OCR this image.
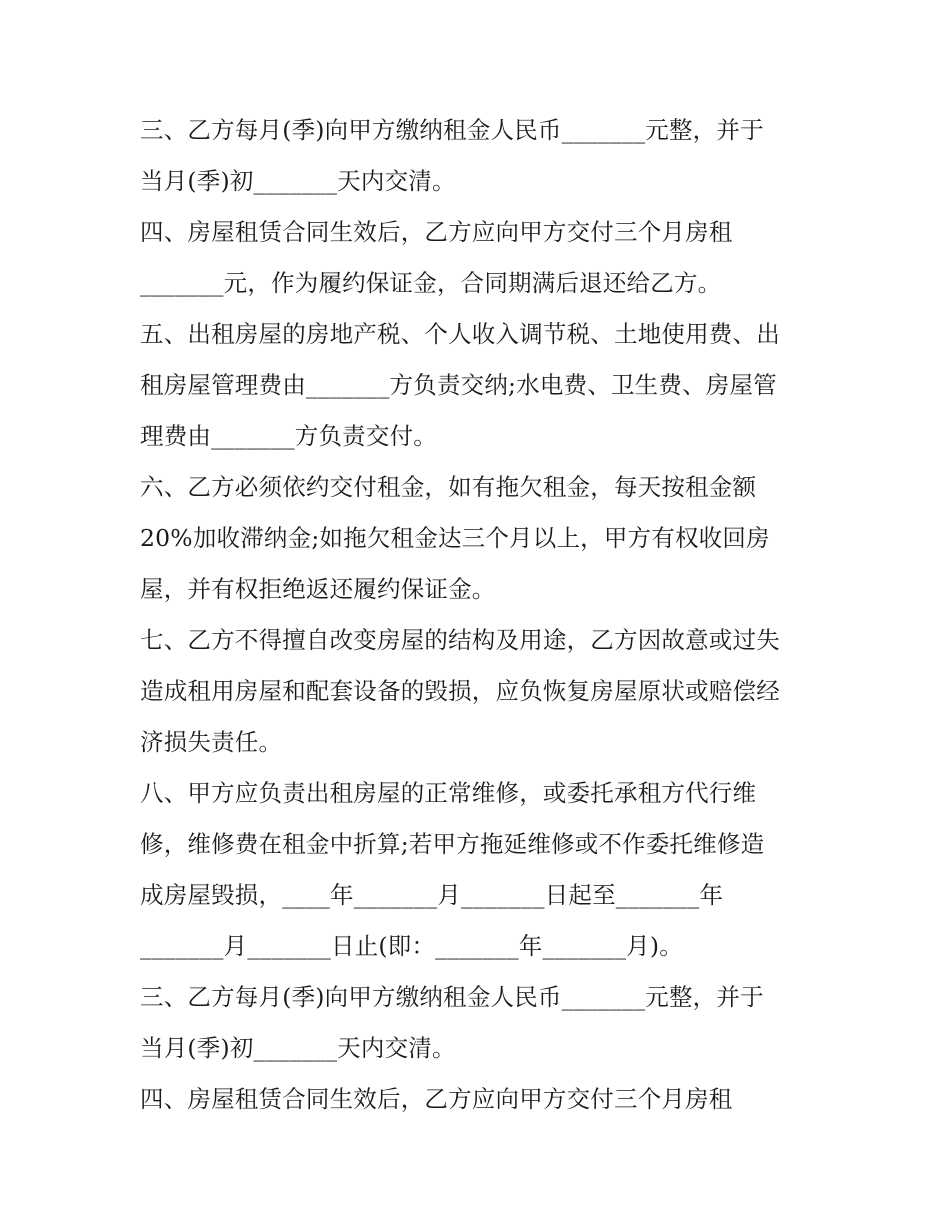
三、乙方每月(季)向甲方缴纳租金人民币_______元整，并于
当月(季)初_______天内交清。
四、房屋租赁合同生效后，乙方应向甲方交付三个月房租
_______元，作为履约保证金，合同期满后退还给乙方。
五、出租房屋的房地产税、个人收入调节税、土地使用费、出
租房屋管理费由_______方负责交纳;水电费、卫生费、房屋管
理费由_______方负责交付。
六、乙方必须依约交付租金，如有拖欠租金，每天按租金额
20%加收滞纳金;如拖欠租金达三个月以上，甲方有权收回房
屋，并有权拒绝返还履约保证金。
七、乙方不得擅自改变房屋的结构及用途，乙方因故意或过失
造成租用房屋和配套设备的毁损，应负恢复房屋原状或赔偿经
济损失责任。
八、甲方应负责出租房屋的正常维修，或委托承租方代行维
修，维修费在租金中折算;若甲方拖延维修或不作委托维修造
成房屋毁损，____年_______月_______日起至_______年
_______月_______日止(即：_______年_______月)。
三、乙方每月(季)向甲方缴纳租金人民币_______元整，并于
当月(季)初_______天内交清。
四、房屋租赁合同生效后，乙方应向甲方交付三个月房租
